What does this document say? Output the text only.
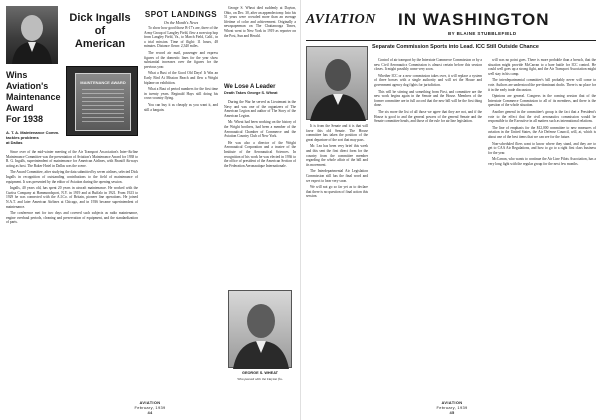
Dick Ingalls
of
American
Wins
Aviation's
Maintenance
Award
For 1938
A. T. A. Maintenance Comm.
tackles problems
at Dallas
MAINTENANCE AWARD

Since over of the mid-winter meeting of the Air Transport Association's Inter-Airline Maintenance Committee was the presentation of Aviation's Maintenance Award for 1938 to R. G. Ingalls, superintendent of maintenance for American Airlines, with Braniff Airways acting as host. The Baker Hotel in Dallas was the scene.

The Award Committee, after studying the data submitted by seven airlines, selected Dick Ingalls in recognition of outstanding contributions to the field of maintenance of equipment. It was presented by the editor of Aviation during the opening session.

Ingalls, 40 years old, has spent 20 years in aircraft maintenance. He worked with the Curtiss Company at Hammondsport, N.Y. in 1919 and at Buffalo in 1921. From 1923 to 1929 he was connected with the A.I.Co. of Britain, pioneer line operations. He joined N.A.T. and later American Airlines at Chicago, and in 1936 became superintendent of maintenance.

The conference met for two days and covered such subjects as radio maintenance, engine overhaul periods, cleaning and preservation of equipment, and the standardization of parts.

SPOT LANDINGS
On the Month's News

To show how good those B-17's are, three of the Army Group of Langley Field, flew a non-stop hop from Langley Field, Va., to March Field, Calif., in a trial mission. Time of flight: 11 hours, 48 minutes. Distance flown: 2,340 miles.

The record air mail, passenger and express figures of the domestic lines for the year show substantial increases over the figures for the previous year.

What a Bust of the Good Old Days! It Was an Early Bird At Mission Beach and flew a Wright biplane on exhibition.

What a Bust of period numbers for the first time in twenty years. Reginald Hays still doing his cross-country flying.

You can buy it as cheaply as you want it, and still a bargain.

George S. Wheat died suddenly at Dayton, Ohio, on Dec. 30, after an appendectomy. Into his 51 years were crowded more than an average lifetime of color and achievement. Originally a newspaperman on The Chattanooga Times, Wheat went to New York in 1919 as reporter on the Post, Sun and Herald.

We Lose A Leader
Death Takes George S. Wheat

During the War he served as Lieutenant in the Navy and was one of the organizers of The American Legion and author of The Story of the American Legion.

Mr. Wheat had been working on the history of the Wright brothers, had been a member of the Aeronautical Chamber of Commerce and the Aviation Country Club of New York.

He was also a director of the Wright Aeronautical Corporation and a trustee of the Institute of the Aeronautical Sciences. In recognition of his work he was elected in 1936 to the office of president of the American Section of the Federation Aeronautique Internationale.

GEORGE S. WHEAT
Who passed with the Dayton flu.
AVIATION
February, 1939
44
AVIATION IN WASHINGTON
BY BLAINE STUBBLEFIELD
Separate Commission Sports into Lead. ICC Still Outside Chance

It is from the Senate and it is that will favor this old Senate. The House committee has taken the position of the great departure of the sort that may pass.

Mr. Lea has been very brief this week and this sent the first direct form for the country from the committee member regarding the whole affair of the bill and its movement.

The Interdepartmental Air Legislation Commission still has the final word and we expect to hear very soon.

We will not go so far yet as to declare that there is no question of final action this session.

Control of air transport by the Interstate Commerce Commission or by a new Civil Aeronautics Commission is almost certain before this session closes. It might possibly come very soon.

Whether ICC or a new commission takes over, it will replace a system of three bosses with a single authority and will set the House and government agency dog fights for jurisdiction.

This will be stirring and something from First, and committee are the new work begins again in the Senate and the House. Members of the former committee are in full accord that the new bill will be the first thing done.

The six more the list of all those we agree that they are not, and if the House is good to and the general powers of the general Senate and the Senate committee heads, and those of the rule for air line legislation.

will was no point goes. There is more probable than a breach, that the situation might provide McCarran to a bare battle for ICC control. He could well goes up a strong fight, and the Air Transport Association might well stay in his camp.

The interdepartmental committee's bill probably never will come to vote. Authors are understood the pre-dominant drafts. There is no place for it in the early trade discussion.

Opinions are general. Congress in the coming session that of the Interstate Commerce Commission to all of its members, and there is the question of the whole situation.

Another general in the committee's group is the fact that a President's vote to the effect that the civil aeronautics commission would be responsible to the Executive in all matters such as international relations.

The line of emphasis for the $12,000 committee to new measures of aviation in the United States, the Air Defense Council, will, at, which is about one of the best items that we can see for the future.

Non-scheduled fliers want to know where they stand, and they are to get to CAA Air Regulations, and how to go to a right first class business for the year.

McCarran, who wants to continue the Air Line Pilots Association, has a very long fight with the regular group for the next few months.

AVIATION
February, 1939
45
